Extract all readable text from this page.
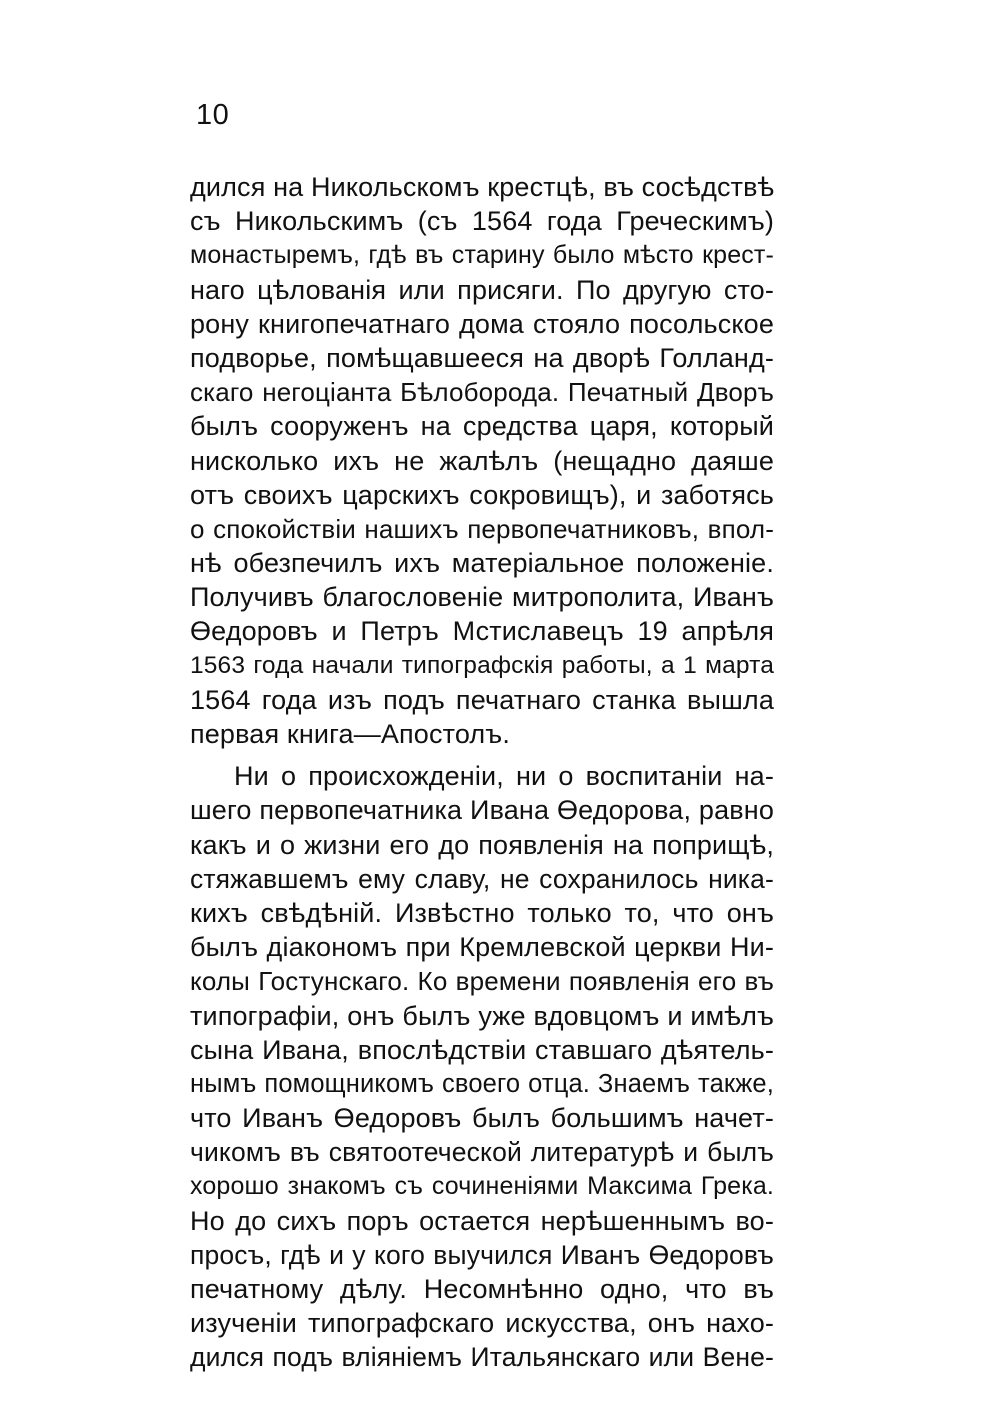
10
дился на Никольскомъ крестцѣ, въ сосѣдствѣ
съ Никольскимъ (съ 1564 года Греческимъ)
монастыремъ, гдѣ въ старину было мѣсто крест-
наго цѣлованія или присяги. По другую сто-
рону книгопечатнаго дома стояло посольское
подворье, помѣщавшееся на дворѣ Голланд-
скаго негоціанта Бѣлоборода. Печатный Дворъ
былъ сооруженъ на средства царя, который
нисколько ихъ не жалѣлъ (нещадно даяше
отъ своихъ царскихъ сокровищъ), и заботясь
о спокойствіи нашихъ первопечатниковъ, впол-
нѣ обезпечилъ ихъ матеріальное положеніе.
Получивъ благословеніе митрополита, Иванъ
Өедоровъ и Петръ Мстиславецъ 19 апрѣля
1563 года начали типографскія работы, а 1 марта
1564 года изъ подъ печатнаго станка вышла
первая книга—Апостолъ.
Ни о происхожденіи, ни о воспитаніи на-
шего первопечатника Ивана Өедорова, равно
какъ и о жизни его до появленія на поприщѣ,
стяжавшемъ ему славу, не сохранилось ника-
кихъ свѣдѣній. Извѣстно только то, что онъ
былъ діакономъ при Кремлевской церкви Ни-
колы Гостунскаго. Ко времени появленія его въ
типографіи, онъ былъ уже вдовцомъ и имѣлъ
сына Ивана, впослѣдствіи ставшаго дѣятель-
нымъ помощникомъ своего отца. Знаемъ также,
что Иванъ Өедоровъ былъ большимъ начет-
чикомъ въ святоотеческой литературѣ и былъ
хорошо знакомъ съ сочиненіями Максима Грека.
Но до сихъ поръ остается нерѣшеннымъ во-
просъ, гдѣ и у кого выучился Иванъ Өедоровъ
печатному дѣлу. Несомнѣнно одно, что въ
изученіи типографскаго искусства, онъ нахо-
дился подъ вліяніемъ Итальянскаго или Вене-
